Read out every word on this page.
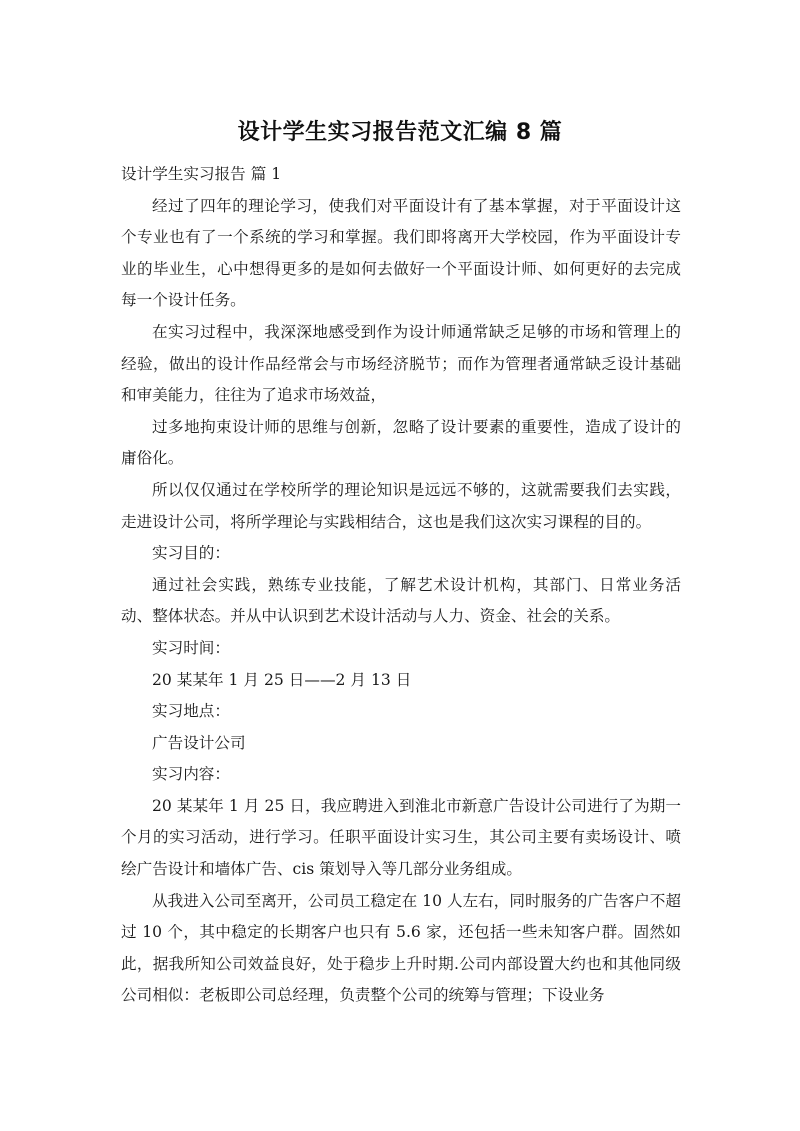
设计学生实习报告范文汇编 8 篇

设计学生实习报告 篇 1

经过了四年的理论学习，使我们对平面设计有了基本掌握，对于平面设计这个专业也有了一个系统的学习和掌握。我们即将离开大学校园，作为平面设计专业的毕业生，心中想得更多的是如何去做好一个平面设计师、如何更好的去完成每一个设计任务。

在实习过程中，我深深地感受到作为设计师通常缺乏足够的市场和管理上的经验，做出的设计作品经常会与市场经济脱节；而作为管理者通常缺乏设计基础和审美能力，往往为了追求市场效益，

过多地拘束设计师的思维与创新，忽略了设计要素的重要性，造成了设计的庸俗化。

所以仅仅通过在学校所学的理论知识是远远不够的，这就需要我们去实践，走进设计公司，将所学理论与实践相结合，这也是我们这次实习课程的目的。

实习目的：

通过社会实践，熟练专业技能，了解艺术设计机构，其部门、日常业务活动、整体状态。并从中认识到艺术设计活动与人力、资金、社会的关系。

实习时间：

20 某某年 1 月 25 日——2 月 13 日

实习地点：

广告设计公司

实习内容：

20 某某年 1 月 25 日，我应聘进入到淮北市新意广告设计公司进行了为期一个月的实习活动，进行学习。任职平面设计实习生，其公司主要有卖场设计、喷绘广告设计和墙体广告、cis 策划导入等几部分业务组成。

从我进入公司至离开，公司员工稳定在 10 人左右，同时服务的广告客户不超过 10 个，其中稳定的长期客户也只有 5.6 家，还包括一些未知客户群。固然如此，据我所知公司效益良好，处于稳步上升时期.公司内部设置大约也和其他同级公司相似：老板即公司总经理，负责整个公司的统筹与管理；下设业务
